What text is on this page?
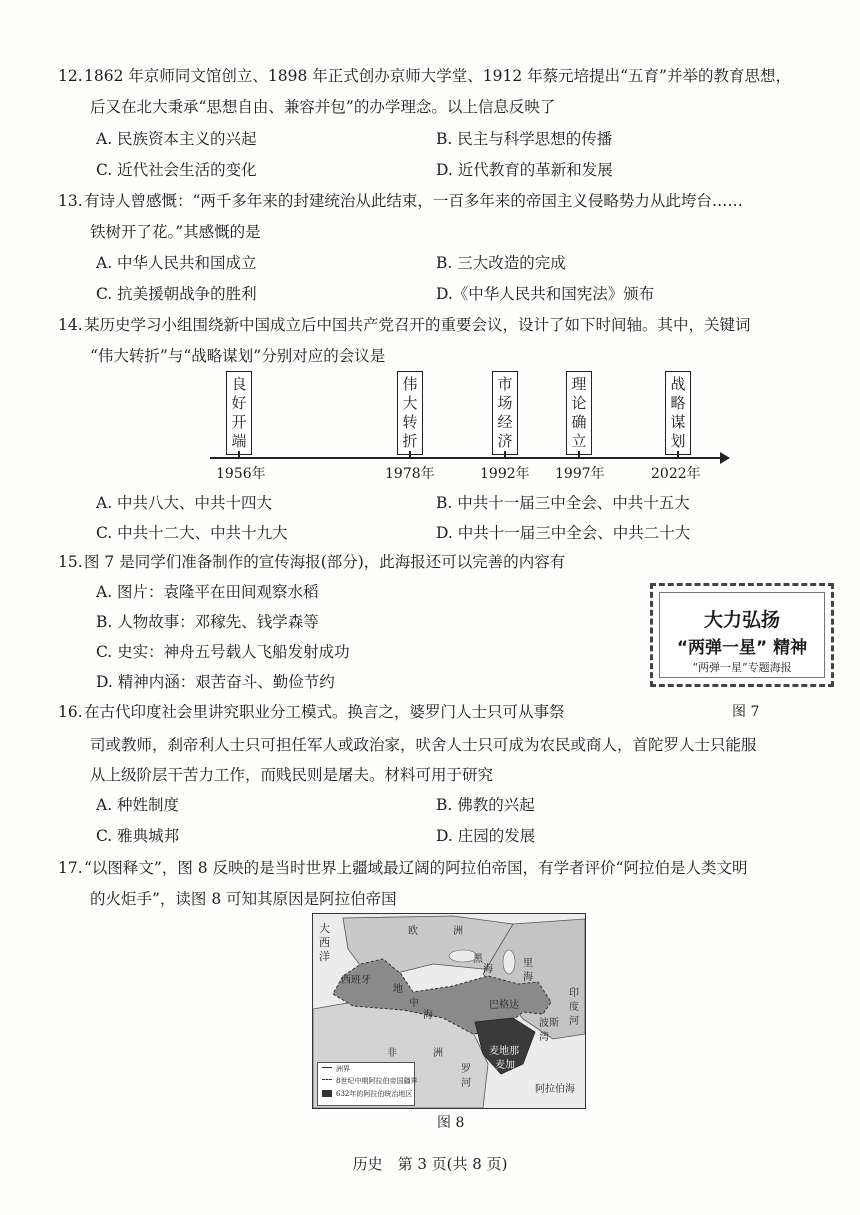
12.1862 年京师同文馆创立、1898 年正式创办京师大学堂、1912 年蔡元培提出“五育”并举的教育思想，
后又在北大秉承“思想自由、兼容并包”的办学理念。以上信息反映了
A. 民族资本主义的兴起	B. 民主与科学思想的传播
C. 近代社会生活的变化	D. 近代教育的革新和发展
13.有诗人曾感慨：“两千多年来的封建统治从此结束，一百多年来的帝国主义侵略势力从此垮台……
铁树开了花。”其感慨的是
A. 中华人民共和国成立	B. 三大改造的完成
C. 抗美援朝战争的胜利	D.《中华人民共和国宪法》颁布
14.某历史学习小组围绕新中国成立后中国共产党召开的重要会议，设计了如下时间轴。其中，关键词
“伟大转折”与“战略谋划”分别对应的会议是
良好开端
1956年
伟大转折
1978年
市场经济
1992年
理论确立
1997年
战略谋划
2022年
A. 中共八大、中共十四大	B. 中共十一届三中全会、中共十五大
C. 中共十二大、中共十九大	D. 中共十一届三中全会、中共二十大
15.图 7 是同学们准备制作的宣传海报(部分)，此海报还可以完善的内容有
A. 图片：袁隆平在田间观察水稻
B. 人物故事：邓稼先、钱学森等
C. 史实：神舟五号载人飞船发射成功
D. 精神内涵：艰苦奋斗、勤俭节约
大力弘扬
“两弹一星” 精神
“两弹一星”专题海报
图 7
16.在古代印度社会里讲究职业分工模式。换言之，婆罗门人士只可从事祭
司或教师，刹帝利人士只可担任军人或政治家，吠舍人士只可成为农民或商人，首陀罗人士只能服
从上级阶层干苦力工作，而贱民则是屠夫。材料可用于研究
A. 种姓制度	B. 佛教的兴起
C. 雅典城邦	D. 庄园的发展
17.“以图释文”，图 8 反映的是当时世界上疆域最辽阔的阿拉伯帝国，有学者评价“阿拉伯是人类文明
的火炬手”，读图 8 可知其原因是阿拉伯帝国
大
西
洋
西班牙
欧	洲
地
中
海
黑
海
里
海
巴格达
印
度
河
波 斯
湾
麦加
麦地那
非	洲
罗
河
阿拉伯海
洲界
8世纪中期阿拉伯帝国疆界
632年的阿拉伯统治地区
图 8
历史　第 3 页(共 8 页)
